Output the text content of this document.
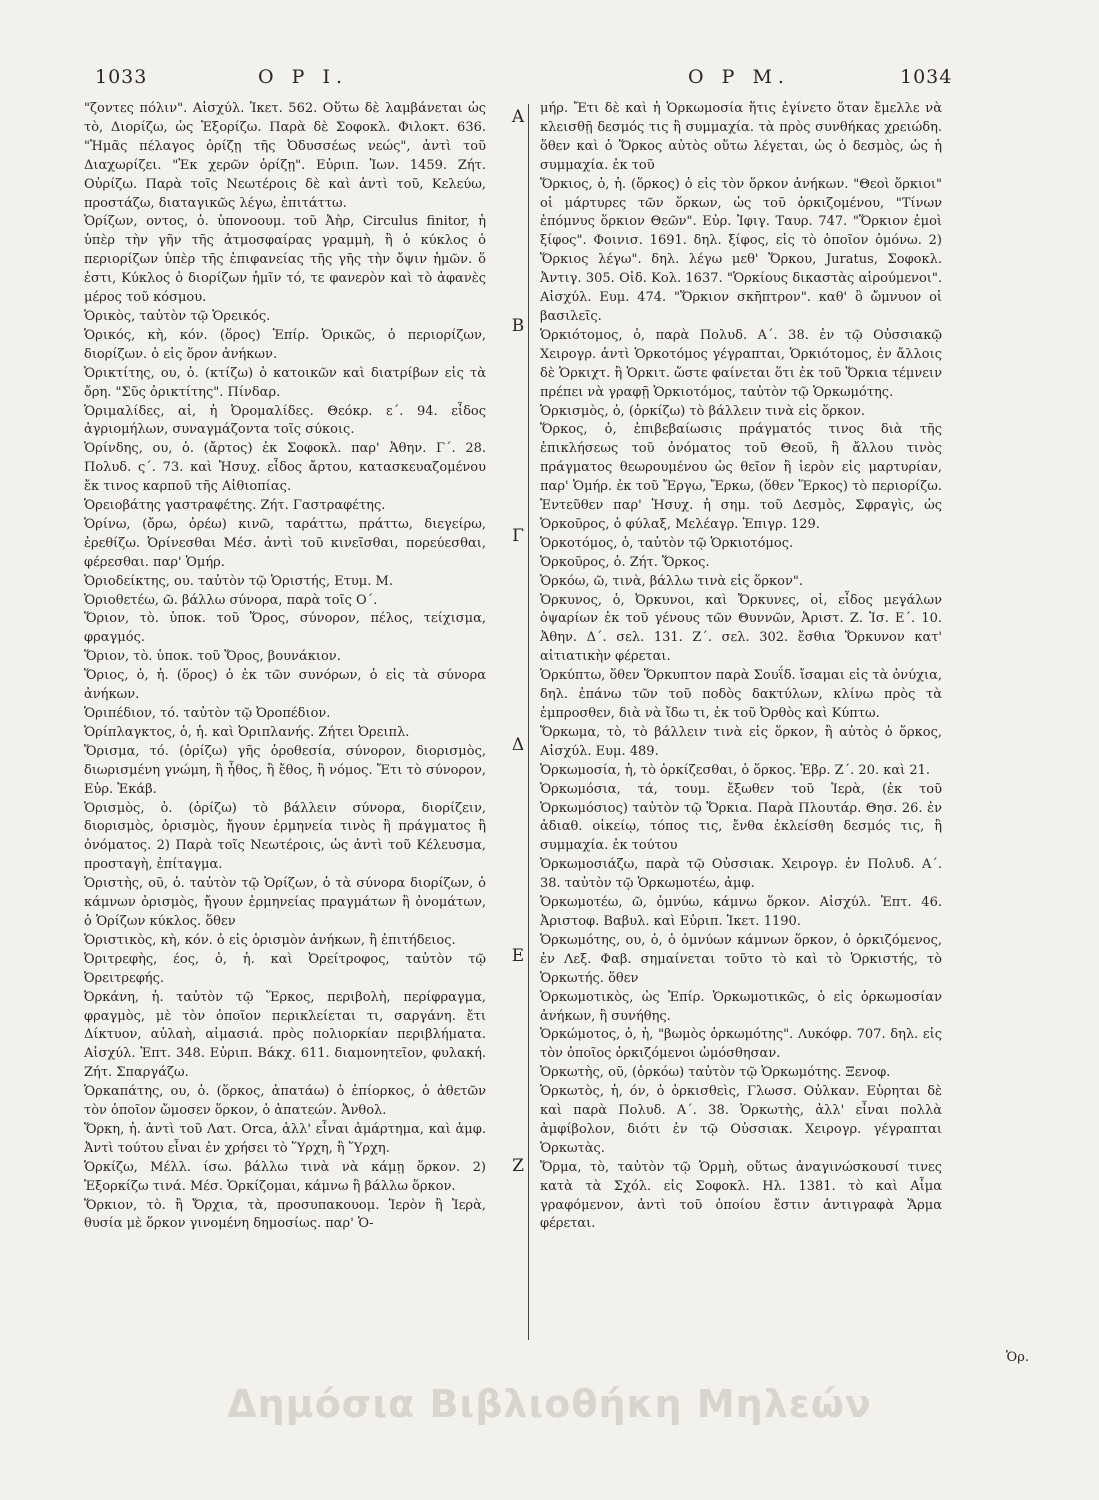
1033	O P I.	O P M.	1034

"ζοντες πόλιν". Αἰσχύλ. Ἱκετ. 562. Οὕτω δὲ λαμβάνεται ὡς τὸ, Διορίζω, ὡς Ἐξορίζω. Παρὰ δὲ Σοφοκλ. Φιλοκτ. 636. "Ἡμᾶς πέλαγος ὁρίζῃ τῆς Ὀδυσσέως νεώς", ἀντὶ τοῦ Διαχωρίζει. "Ἐκ χερῶν ὁρίζῃ". Εὐριπ. Ἰων. 1459. Ζήτ. Οὐρίζω. Παρὰ τοῖς Νεωτέροις δὲ καὶ ἀντὶ τοῦ, Κελεύω, προστάζω, διαταγικῶς λέγω, ἐπιτάττω.

Ὁρίζων, οντος, ὁ. ὑπονοουμ. τοῦ Ἀὴρ, Circulus finitor, ἡ ὑπὲρ τὴν γῆν τῆς ἀτμοσφαίρας γραμμὴ, ἢ ὁ κύκλος ὁ περιορίζων ὑπὲρ τῆς ἐπιφανείας τῆς γῆς τὴν ὄψιν ἡμῶν. ὅ ἐστι, Κύκλος ὁ διορίζων ἡμῖν τό, τε φανερὸν καὶ τὸ ἀφανὲς μέρος τοῦ κόσμου.

Ὁρικὸς, ταὐτὸν τῷ Ὁρεικός.

Ὁρικός, κὴ, κόν. (ὅρος) Ἐπίρ. Ὁρικῶς, ὁ περιορίζων, διορίζων. ὁ εἰς ὅρον ἀνήκων.

Ὁρικτίτης, ου, ὁ. (κτίζω) ὁ κατοικῶν καὶ διατρίβων εἰς τὰ ὄρη. "Σῦς ὀρικτίτης". Πίνδαρ.

Ὁριμαλίδες, αἱ, ἡ Ὀρομαλίδες. Θεόκρ. ε΄. 94. εἶδος ἀγριομήλων, συναγμάζοντα τοῖς σύκοις.

Ὁρίνδης, ου, ὁ. (ἄρτος) ἐκ Σοφοκλ. παρ' Ἀθην. Γ΄. 28. Πολυδ. ς΄. 73. καὶ Ἡσυχ. εἶδος ἄρτου, κατασκευαζομένου ἔκ τινος καρποῦ τῆς Αἰθιοπίας.

Ὁρειοβάτης γαστραφέτης. Ζήτ. Γαστραφέτης.

Ὁρίνω, (ὄρω, ὀρέω) κινῶ, ταράττω, πράττω, διεγείρω, ἐρεθίζω. Ὀρίνεσθαι Μέσ. ἀντὶ τοῦ κινεῖσθαι, πορεύεσθαι, φέρεσθαι. παρ' Ὁμήρ.

Ὁριοδείκτης, ου. ταὐτὸν τῷ Ὁριστής, Ετυμ. Μ.

Ὁριοθετέω, ῶ. βάλλω σύνορα, παρὰ τοῖς Ο΄.

Ὅριον, τὸ. ὑποκ. τοῦ Ὅρος, σύνορον, πέλος, τείχισμα, φραγμός.

Ὅριον, τὸ. ὑποκ. τοῦ Ὅρος, βουνάκιον.

Ὅριος, ὁ, ἡ. (ὅρος) ὁ ἐκ τῶν συνόρων, ὁ εἰς τὰ σύνορα ἀνήκων.

Ὁριπέδιον, τό. ταὐτὸν τῷ Ὀροπέδιον.

Ὁρίπλαγκτος, ὁ, ἡ. καὶ Ὀριπλανής. Ζήτει Ὀρειπλ.

Ὅρισμα, τό. (ὁρίζω) γῆς ὁροθεσία, σύνορον, διορισμὸς, διωρισμένη γνώμη, ἢ ἦθος, ἢ ἔθος, ἢ νόμος. Ἔτι τὸ σύνορον, Εὐρ. Ἑκάβ.

Ὁρισμὸς, ὁ. (ὁρίζω) τὸ βάλλειν σύνορα, διορίζειν, διορισμὸς, ὁρισμὸς, ἤγουν ἑρμηνεία τινὸς ἢ πράγματος ἢ ὀνόματος. 2) Παρὰ τοῖς Νεωτέροις, ὡς ἀντὶ τοῦ Κέλευσμα, προσταγὴ, ἐπίταγμα.

Ὁριστὴς, οῦ, ὁ. ταὐτὸν τῷ Ὁρίζων, ὁ τὰ σύνορα διορίζων, ὁ κάμνων ὁρισμὸς, ἤγουν ἑρμηνείας πραγμάτων ἢ ὀνομάτων, ὁ Ὁρίζων κύκλος. ὅθεν

Ὁριστικὸς, κὴ, κόν. ὁ εἰς ὁρισμὸν ἀνήκων, ἢ ἐπιτήδειος.

Ὀριτρεφὴς, έος, ὁ, ἡ. καὶ Ὀρείτροφος, ταὐτὸν τῷ Ὀρειτρεφής.

Ὀρκάνη, ἡ. ταὐτὸν τῷ Ἕρκος, περιβολὴ, περίφραγμα, φραγμὸς, μὲ τὸν ὁποῖον περικλείεται τι, σαργάνη. ἔτι Δίκτυον, αὐλαὴ, αἰμασιά. πρὸς πολιορκίαν περιβλήματα. Αἰσχύλ. Ἑπτ. 348. Εὐριπ. Βάκχ. 611. διαμονητεῖον, φυλακή. Ζήτ. Σπαργάζω.

Ὁρκαπάτης, ου, ὁ. (ὅρκος, ἀπατάω) ὁ ἐπίορκος, ὁ ἀθετῶν τὸν ὁποῖον ὤμοσεν ὅρκον, ὁ ἀπατεών. Ἀνθολ.

Ὅρκη, ἡ. ἀντὶ τοῦ Λατ. Orca, ἀλλ' εἶναι ἁμάρτημα, καὶ ἀμφ. Ἀντὶ τούτου εἶναι ἐν χρήσει τὸ Ὕρχη, ἢ Ὕρχη.

Ὁρκίζω, Μέλλ. ίσω. βάλλω τινὰ νὰ κάμῃ ὅρκον. 2) Ἐξορκίζω τινά. Μέσ. Ὁρκίζομαι, κάμνω ἢ βάλλω ὅρκον.

Ὅρκιον, τὸ. ἢ Ὄρχια, τὰ, προσυπακουομ. Ἱερὸν ἢ Ἱερὰ, θυσία μὲ ὅρκον γινομένη δημοσίως. παρ' Ὁ-

A
B
Γ
Δ
E
Z

μήρ. Ἔτι δὲ καὶ ἡ Ὁρκωμοσία ἥτις ἐγίνετο ὅταν ἔμελλε νὰ κλεισθῇ δεσμός τις ἢ συμμαχία. τὰ πρὸς συνθήκας χρειώδη. ὅθεν καὶ ὁ Ὅρκος αὐτὸς οὕτω λέγεται, ὡς ὁ δεσμὸς, ὡς ἡ συμμαχία. ἐκ τοῦ

Ὅρκιος, ὁ, ἡ. (ὅρκος) ὁ εἰς τὸν ὅρκον ἀνήκων. "Θεοὶ ὅρκιοι" οἱ μάρτυρες τῶν ὅρκων, ὡς τοῦ ὁρκιζομένου, "Τίνων ἐπόμνυς ὅρκιον Θεῶν". Εὐρ. Ἰφιγ. Ταυρ. 747. "Ὅρκιον ἐμοὶ ξίφος". Φοινισ. 1691. δηλ. ξίφος, εἰς τὸ ὁποῖον ὀμόνω. 2) Ὅρκιος λέγω". δηλ. λέγω μεθ' Ὅρκου, Juratus, Σοφοκλ. Ἀντιγ. 305. Οἰδ. Κολ. 1637. "Ὁρκίους δικαστὰς αἱρούμενοι". Αἰσχύλ. Ευμ. 474. "Ὅρκιον σκῆπτρον". καθ' ὃ ὤμνυον οἱ βασιλεῖς.

Ὁρκιότομος, ὁ, παρὰ Πολυδ. Α΄. 38. ἐν τῷ Οὐσσιακῷ Χειρογρ. ἀντὶ Ὁρκοτόμος γέγραπται, Ὁρκιότομος, ἐν ἄλλοις δὲ Ὁρκιχτ. ἢ Ὁρκιτ. ὥστε φαίνεται ὅτι ἐκ τοῦ Ὅρκια τέμνειν πρέπει νὰ γραφῇ Ὁρκιοτόμος, ταὐτὸν τῷ Ὁρκωμότης.

Ὁρκισμὸς, ὁ, (ὁρκίζω) τὸ βάλλειν τινὰ εἰς ὅρκον.

Ὅρκος, ὁ, ἐπιβεβαίωσις πράγματός τινος διὰ τῆς ἐπικλήσεως τοῦ ὀνόματος τοῦ Θεοῦ, ἢ ἄλλου τινὸς πράγματος θεωρουμένου ὡς θεῖον ἢ ἱερὸν εἰς μαρτυρίαν, παρ' Ὁμήρ. ἐκ τοῦ Ἔργω, Ἔρκω, (ὅθεν Ἕρκος) τὸ περιορίζω. Ἐντεῦθεν παρ' Ἡσυχ. ἡ σημ. τοῦ Δεσμὸς, Σφραγὶς, ὡς Ὁρκοῦρος, ὁ φύλαξ, Μελέαγρ. Ἐπιγρ. 129.

Ὁρκοτόμος, ὁ, ταὐτὸν τῷ Ὁρκιοτόμος.

Ὁρκοῦρος, ὁ. Ζήτ. Ὅρκος.

Ὁρκόω, ῶ, τινὰ, βάλλω τινὰ εἰς ὅρκον".

Ὁρκυνος, ὁ, Ὀρκυνοι, καὶ Ὄρκυνες, οἱ, εἶδος μεγάλων ὀψαρίων ἐκ τοῦ γένους τῶν Θυννῶν, Ἀριστ. Ζ. Ἱσ. Ε΄. 10. Ἀθην. Δ΄. σελ. 131. Ζ΄. σελ. 302. ἔσθια Ὅρκυνον κατ' αἰτιατικὴν φέρεται.

Ὁρκύπτω, ὅθεν Ὅρκυπτον παρὰ Σουΐδ. ἴσαμαι εἰς τὰ ὀνύχια, δηλ. ἐπάνω τῶν τοῦ ποδὸς δακτύλων, κλίνω πρὸς τὰ ἐμπροσθεν, διὰ νὰ ἴδω τι, ἐκ τοῦ Ὀρθὸς καὶ Κύπτω.

Ὅρκωμα, τὸ, τὸ βάλλειν τινὰ εἰς ὅρκον, ἢ αὐτὸς ὁ ὅρκος, Αἰσχύλ. Ευμ. 489.

Ὁρκωμοσία, ἡ, τὸ ὁρκίζεσθαι, ὁ ὅρκος. Ἑβρ. Ζ΄. 20. καὶ 21.

Ὁρκωμόσια, τά, τουμ. ἔξωθεν τοῦ Ἱερὰ, (ἐκ τοῦ Ὁρκωμόσιος) ταὐτὸν τῷ Ὅρκια. Παρὰ Πλουτάρ. Θησ. 26. ἐν ἀδιαθ. οἰκείῳ, τόπος τις, ἔνθα ἐκλείσθη δεσμός τις, ἢ συμμαχία. ἐκ τούτου

Ὁρκωμοσιάζω, παρὰ τῷ Οὐσσιακ. Χειρογρ. ἐν Πολυδ. Α΄. 38. ταὐτὸν τῷ Ὁρκωμοτέω, ἀμφ.

Ὁρκωμοτέω, ῶ, ὀμνύω, κάμνω ὅρκον. Αἰσχύλ. Ἑπτ. 46. Ἀριστοφ. Βαβυλ. καὶ Εὐριπ. Ἱκετ. 1190.

Ὁρκωμότης, ου, ὁ, ὁ ὀμνύων κάμνων ὅρκον, ὁ ὁρκιζόμενος, ἐν Λεξ. Φαβ. σημαίνεται τοῦτο τὸ καὶ τὸ Ὁρκιστής, τὸ Ὁρκωτής. ὅθεν

Ὁρκωμοτικὸς, ὡς Ἐπίρ. Ὁρκωμοτικῶς, ὁ εἰς ὁρκωμοσίαν ἀνήκων, ἢ συνήθης.

Ὁρκώμοτος, ὁ, ἡ, "βωμὸς ὁρκωμότης". Λυκόφρ. 707. δηλ. εἰς τὸν ὁποῖος ὁρκιζόμενοι ὠμόσθησαν.

Ὁρκωτὴς, οῦ, (ὁρκόω) ταὐτὸν τῷ Ὁρκωμότης. Ξενοφ.

Ὁρκωτὸς, ἡ, όν, ὁ ὁρκισθεὶς, Γλωσσ. Οὐλκαν. Εὑρηται δὲ καὶ παρὰ Πολυδ. Α΄. 38. Ὁρκωτὴς, ἀλλ' εἶναι πολλὰ ἀμφίβολον, διότι ἐν τῷ Οὐσσιακ. Χειρογρ. γέγραπται Ὁρκωτὰς.

Ὅρμα, τὸ, ταὐτὸν τῷ Ὁρμὴ, οὕτως ἀναγινώσκουσί τινες κατὰ τὰ Σχόλ. εἰς Σοφοκλ. Ηλ. 1381. τὸ καὶ Αἷμα γραφόμενον, ἀντὶ τοῦ ὁποίου ἔστιν ἀντιγραφὰ Ἅρμα φέρεται.

Ὁρ.
Δημόσια Βιβλιοθήκη Μηλεών
